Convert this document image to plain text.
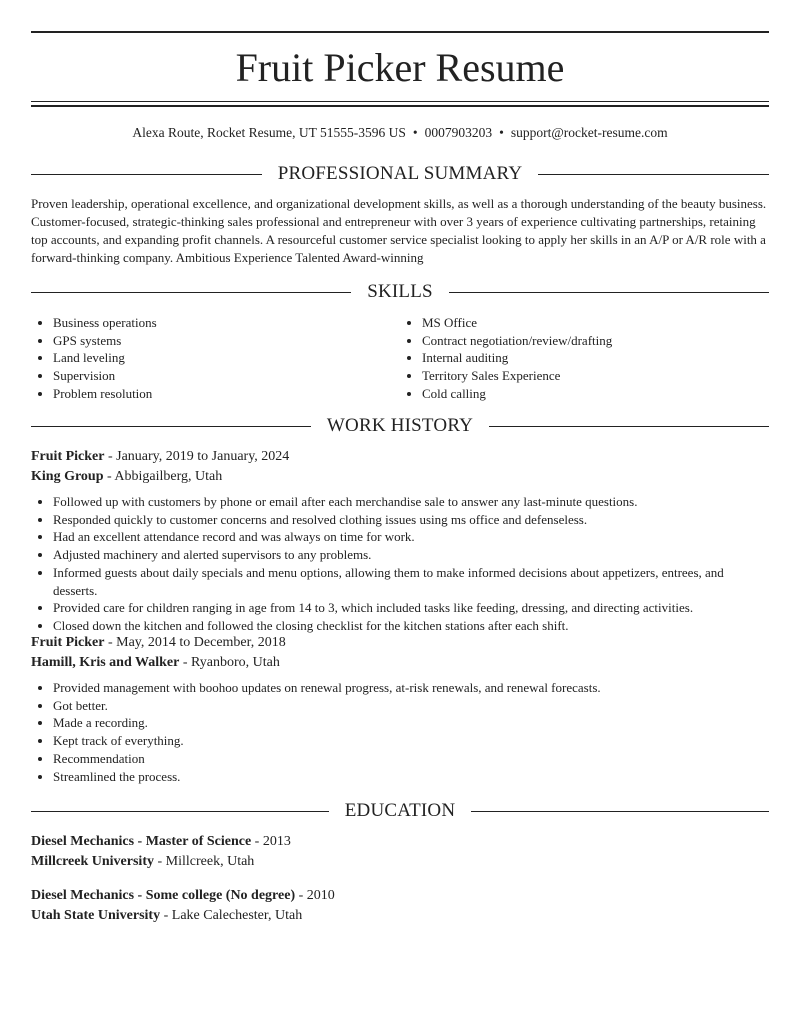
Fruit Picker Resume
Alexa Route, Rocket Resume, UT 51555-3596 US • 0007903203 • support@rocket-resume.com
PROFESSIONAL SUMMARY
Proven leadership, operational excellence, and organizational development skills, as well as a thorough understanding of the beauty business. Customer-focused, strategic-thinking sales professional and entrepreneur with over 3 years of experience cultivating partnerships, retaining top accounts, and expanding profit channels. A resourceful customer service specialist looking to apply her skills in an A/P or A/R role with a forward-thinking company. Ambitious Experience Talented Award-winning
SKILLS
• Business operations
• GPS systems
• Land leveling
• Supervision
• Problem resolution
• MS Office
• Contract negotiation/review/drafting
• Internal auditing
• Territory Sales Experience
• Cold calling
WORK HISTORY
Fruit Picker - January, 2019 to January, 2024
King Group - Abbigailberg, Utah
• Followed up with customers by phone or email after each merchandise sale to answer any last-minute questions.
• Responded quickly to customer concerns and resolved clothing issues using ms office and defenseless.
• Had an excellent attendance record and was always on time for work.
• Adjusted machinery and alerted supervisors to any problems.
• Informed guests about daily specials and menu options, allowing them to make informed decisions about appetizers, entrees, and desserts.
• Provided care for children ranging in age from 14 to 3, which included tasks like feeding, dressing, and directing activities.
• Closed down the kitchen and followed the closing checklist for the kitchen stations after each shift.
Fruit Picker - May, 2014 to December, 2018
Hamill, Kris and Walker - Ryanboro, Utah
• Provided management with boohoo updates on renewal progress, at-risk renewals, and renewal forecasts.
• Got better.
• Made a recording.
• Kept track of everything.
• Recommendation
• Streamlined the process.
EDUCATION
Diesel Mechanics - Master of Science - 2013
Millcreek University - Millcreek, Utah
Diesel Mechanics - Some college (No degree) - 2010
Utah State University - Lake Calechester, Utah
